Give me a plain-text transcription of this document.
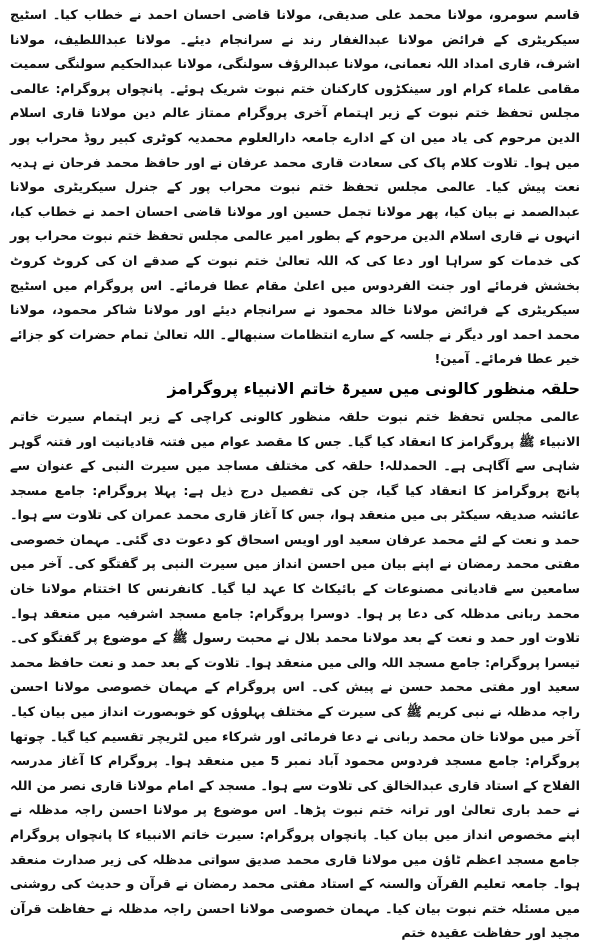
قاسم سومرو، مولانا محمد علی صدیقی، مولانا قاضی احسان احمد نے خطاب کیا۔ اسٹیج سیکریٹری کے فرائض مولانا عبدالغفار رند نے سرانجام دیئے۔ مولانا عبداللطیف، مولانا اشرف، قاری امداد اللہ نعمانی، مولانا عبدالرؤف سولنگی، مولانا عبدالحکیم سولنگی سمیت مقامی علماء کرام اور سینکڑوں کارکنان ختم نبوت شریک ہوئے۔ پانچواں پروگرام: عالمی مجلس تحفظ ختم نبوت کے زیر اہتمام آخری پروگرام ممتاز عالم دین مولانا قاری اسلام الدین مرحوم کی یاد میں ان کے ادارے جامعہ دارالعلوم محمدیہ کوٹری کبیر روڈ محراب پور میں ہوا۔ تلاوت کلام پاک کی سعادت قاری محمد عرفان نے اور حافظ محمد فرحان نے ہدیہ نعت پیش کیا۔ عالمی مجلس تحفظ ختم نبوت محراب پور کے جنرل سیکریٹری مولانا عبدالصمد نے بیان کیا، پھر مولانا تجمل حسین اور مولانا قاضی احسان احمد نے خطاب کیا، انہوں نے قاری اسلام الدین مرحوم کے بطور امیر عالمی مجلس تحفظ ختم نبوت محراب پور کی خدمات کو سراہا اور دعا کی کہ اللہ تعالیٰ ختم نبوت کے صدقے ان کی کروٹ کروٹ بخشش فرمائے اور جنت الفردوس میں اعلیٰ مقام عطا فرمائے۔ اس پروگرام میں اسٹیج سیکریٹری کے فرائض مولانا خالد محمود نے سرانجام دیئے اور مولانا شاکر محمود، مولانا محمد احمد اور دیگر نے جلسہ کے سارے انتظامات سنبھالے۔ اللہ تعالیٰ تمام حضرات کو جزائے خیر عطا فرمائے۔ آمین!

حلقہ منظور کالونی میں سیرۃ خاتم الانبیاء پروگرامز

عالمی مجلس تحفظ ختم نبوت حلقہ منظور کالونی کراچی کے زیر اہتمام سیرت خاتم الانبیاء ﷺ پروگرامز کا انعقاد کیا گیا۔ جس کا مقصد عوام میں فتنہ قادیانیت اور فتنہ گوہر شاہی سے آگاہی ہے۔ الحمدللہ! حلقہ کی مختلف مساجد میں سیرت النبی کے عنوان سے پانچ پروگرامز کا انعقاد کیا گیا، جن کی تفصیل درج ذیل ہے: پہلا پروگرام: جامع مسجد عائشہ صدیقہ سیکٹر بی میں منعقد ہوا، جس کا آغاز قاری محمد عمران کی تلاوت سے ہوا۔ حمد و نعت کے لئے محمد عرفان سعید اور اویس اسحاق کو دعوت دی گئی۔ مہمان خصوصی مفتی محمد رمضان نے اپنے بیان میں احسن انداز میں سیرت النبی پر گفتگو کی۔ آخر میں سامعین سے قادیانی مصنوعات کے بائیکاٹ کا عہد لیا گیا۔ کانفرنس کا اختتام مولانا خان محمد ربانی مدظلہ کی دعا پر ہوا۔ دوسرا پروگرام: جامع مسجد اشرفیہ میں منعقد ہوا۔ تلاوت اور حمد و نعت کے بعد مولانا محمد بلال نے محبت رسول ﷺ کے موضوع پر گفتگو کی۔ تیسرا پروگرام: جامع مسجد اللہ والی میں منعقد ہوا۔ تلاوت کے بعد حمد و نعت حافظ محمد سعید اور مفتی محمد حسن نے پیش کی۔ اس پروگرام کے مہمان خصوصی مولانا احسن راجہ مدظلہ نے نبی کریم ﷺ کی سیرت کے مختلف پہلوؤں کو خوبصورت انداز میں بیان کیا۔ آخر میں مولانا خان محمد ربانی نے دعا فرمائی اور شرکاء میں لٹریچر تقسیم کیا گیا۔ چوتھا پروگرام: جامع مسجد فردوس محمود آباد نمبر 5 میں منعقد ہوا۔ پروگرام کا آغاز مدرسہ الفلاح کے استاد قاری عبدالخالق کی تلاوت سے ہوا۔ مسجد کے امام مولانا قاری نصر من اللہ نے حمد باری تعالیٰ اور ترانہ ختم نبوت پڑھا۔ اس موضوع پر مولانا احسن راجہ مدظلہ نے اپنے مخصوص انداز میں بیان کیا۔ پانچواں پروگرام: سیرت خاتم الانبیاء کا پانچواں پروگرام جامع مسجد اعظم ٹاؤن میں مولانا قاری محمد صدیق سواتی مدظلہ کی زیر صدارت منعقد ہوا۔ جامعہ تعلیم القرآن والسنہ کے استاد مفتی محمد رمضان نے قرآن و حدیث کی روشنی میں مسئلہ ختم نبوت بیان کیا۔ مہمان خصوصی مولانا احسن راجہ مدظلہ نے حفاظت قرآن مجید اور حفاظت عقیدہ ختم
